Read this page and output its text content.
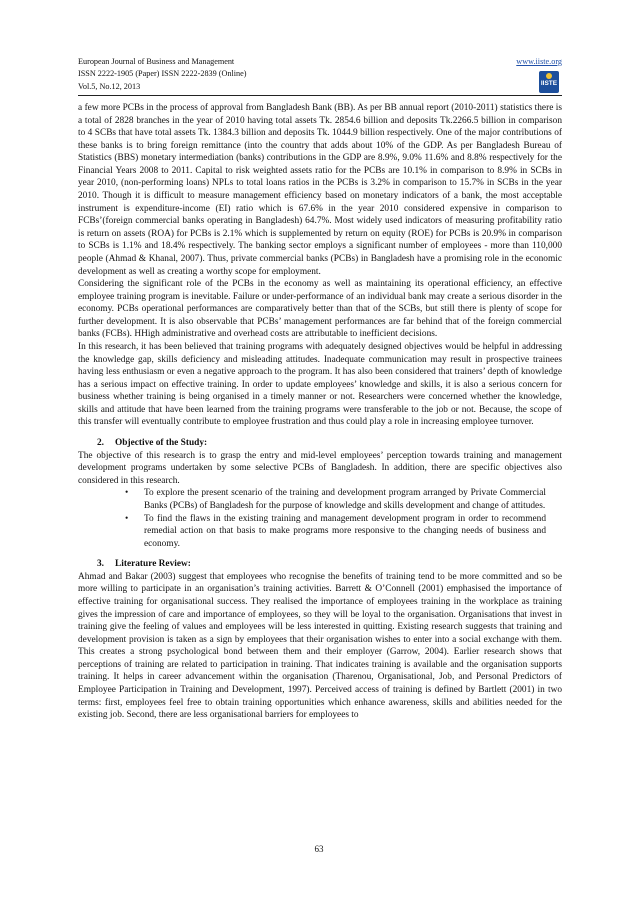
European Journal of Business and Management
ISSN 2222-1905 (Paper) ISSN 2222-2839 (Online)
Vol.5, No.12, 2013
www.iiste.org
IISTE

a few more PCBs in the process of approval from Bangladesh Bank (BB). As per BB annual report (2010-2011) statistics there is a total of 2828 branches in the year of 2010 having total assets Tk. 2854.6 billion and deposits Tk.2266.5 billion in comparison to 4 SCBs that have total assets Tk. 1384.3 billion and deposits Tk. 1044.9 billion respectively. One of the major contributions of these banks is to bring foreign remittance (into the country that adds about 10% of the GDP. As per Bangladesh Bureau of Statistics (BBS) monetary intermediation (banks) contributions in the GDP are 8.9%, 9.0% 11.6% and 8.8% respectively for the Financial Years 2008 to 2011. Capital to risk weighted assets ratio for the PCBs are 10.1% in comparison to 8.9% in SCBs in year 2010, (non-performing loans) NPLs to total loans ratios in the PCBs is 3.2% in comparison to 15.7% in SCBs in the year 2010. Though it is difficult to measure management efficiency based on monetary indicators of a bank, the most acceptable instrument is expenditure-income (EI) ratio which is 67.6% in the year 2010 considered expensive in comparison to FCBs’(foreign commercial banks operating in Bangladesh) 64.7%. Most widely used indicators of measuring profitability ratio is return on assets (ROA) for PCBs is 2.1% which is supplemented by return on equity (ROE) for PCBs is 20.9% in comparison to SCBs is 1.1% and 18.4% respectively. The banking sector employs a significant number of employees - more than 110,000 people (Ahmad & Khanal, 2007). Thus, private commercial banks (PCBs) in Bangladesh have a promising role in the economic development as well as creating a worthy scope for employment.

Considering the significant role of the PCBs in the economy as well as maintaining its operational efficiency, an effective employee training program is inevitable. Failure or under-performance of an individual bank may create a serious disorder in the economy. PCBs operational performances are comparatively better than that of the SCBs, but still there is plenty of scope for further development. It is also observable that PCBs’ management performances are far behind that of the foreign commercial banks (FCBs). HHigh administrative and overhead costs are attributable to inefficient decisions.

In this research, it has been believed that training programs with adequately designed objectives would be helpful in addressing the knowledge gap, skills deficiency and misleading attitudes. Inadequate communication may result in prospective trainees having less enthusiasm or even a negative approach to the program. It has also been considered that trainers’ depth of knowledge has a serious impact on effective training. In order to update employees’ knowledge and skills, it is also a serious concern for business whether training is being organised in a timely manner or not. Researchers were concerned whether the knowledge, skills and attitude that have been learned from the training programs were transferable to the job or not. Because, the scope of this transfer will eventually contribute to employee frustration and thus could play a role in increasing employee turnover.

2. Objective of the Study:

The objective of this research is to grasp the entry and mid-level employees’ perception towards training and management development programs undertaken by some selective PCBs of Bangladesh. In addition, there are specific objectives also considered in this research.

• To explore the present scenario of the training and development program arranged by Private Commercial Banks (PCBs) of Bangladesh for the purpose of knowledge and skills development and change of attitudes.
• To find the flaws in the existing training and management development program in order to recommend remedial action on that basis to make programs more responsive to the changing needs of business and economy.
3. Literature Review:

Ahmad and Bakar (2003) suggest that employees who recognise the benefits of training tend to be more committed and so be more willing to participate in an organisation’s training activities. Barrett & O’Connell (2001) emphasised the importance of effective training for organisational success. They realised the importance of employees training in the workplace as training gives the impression of care and importance of employees, so they will be loyal to the organisation. Organisations that invest in training give the feeling of values and employees will be less interested in quitting. Existing research suggests that training and development provision is taken as a sign by employees that their organisation wishes to enter into a social exchange with them. This creates a strong psychological bond between them and their employer (Garrow, 2004). Earlier research shows that perceptions of training are related to participation in training. That indicates training is available and the organisation supports training. It helps in career advancement within the organisation (Tharenou, Organisational, Job, and Personal Predictors of Employee Participation in Training and Development, 1997). Perceived access of training is defined by Bartlett (2001) in two terms: first, employees feel free to obtain training opportunities which enhance awareness, skills and abilities needed for the existing job. Second, there are less organisational barriers for employees to

63
